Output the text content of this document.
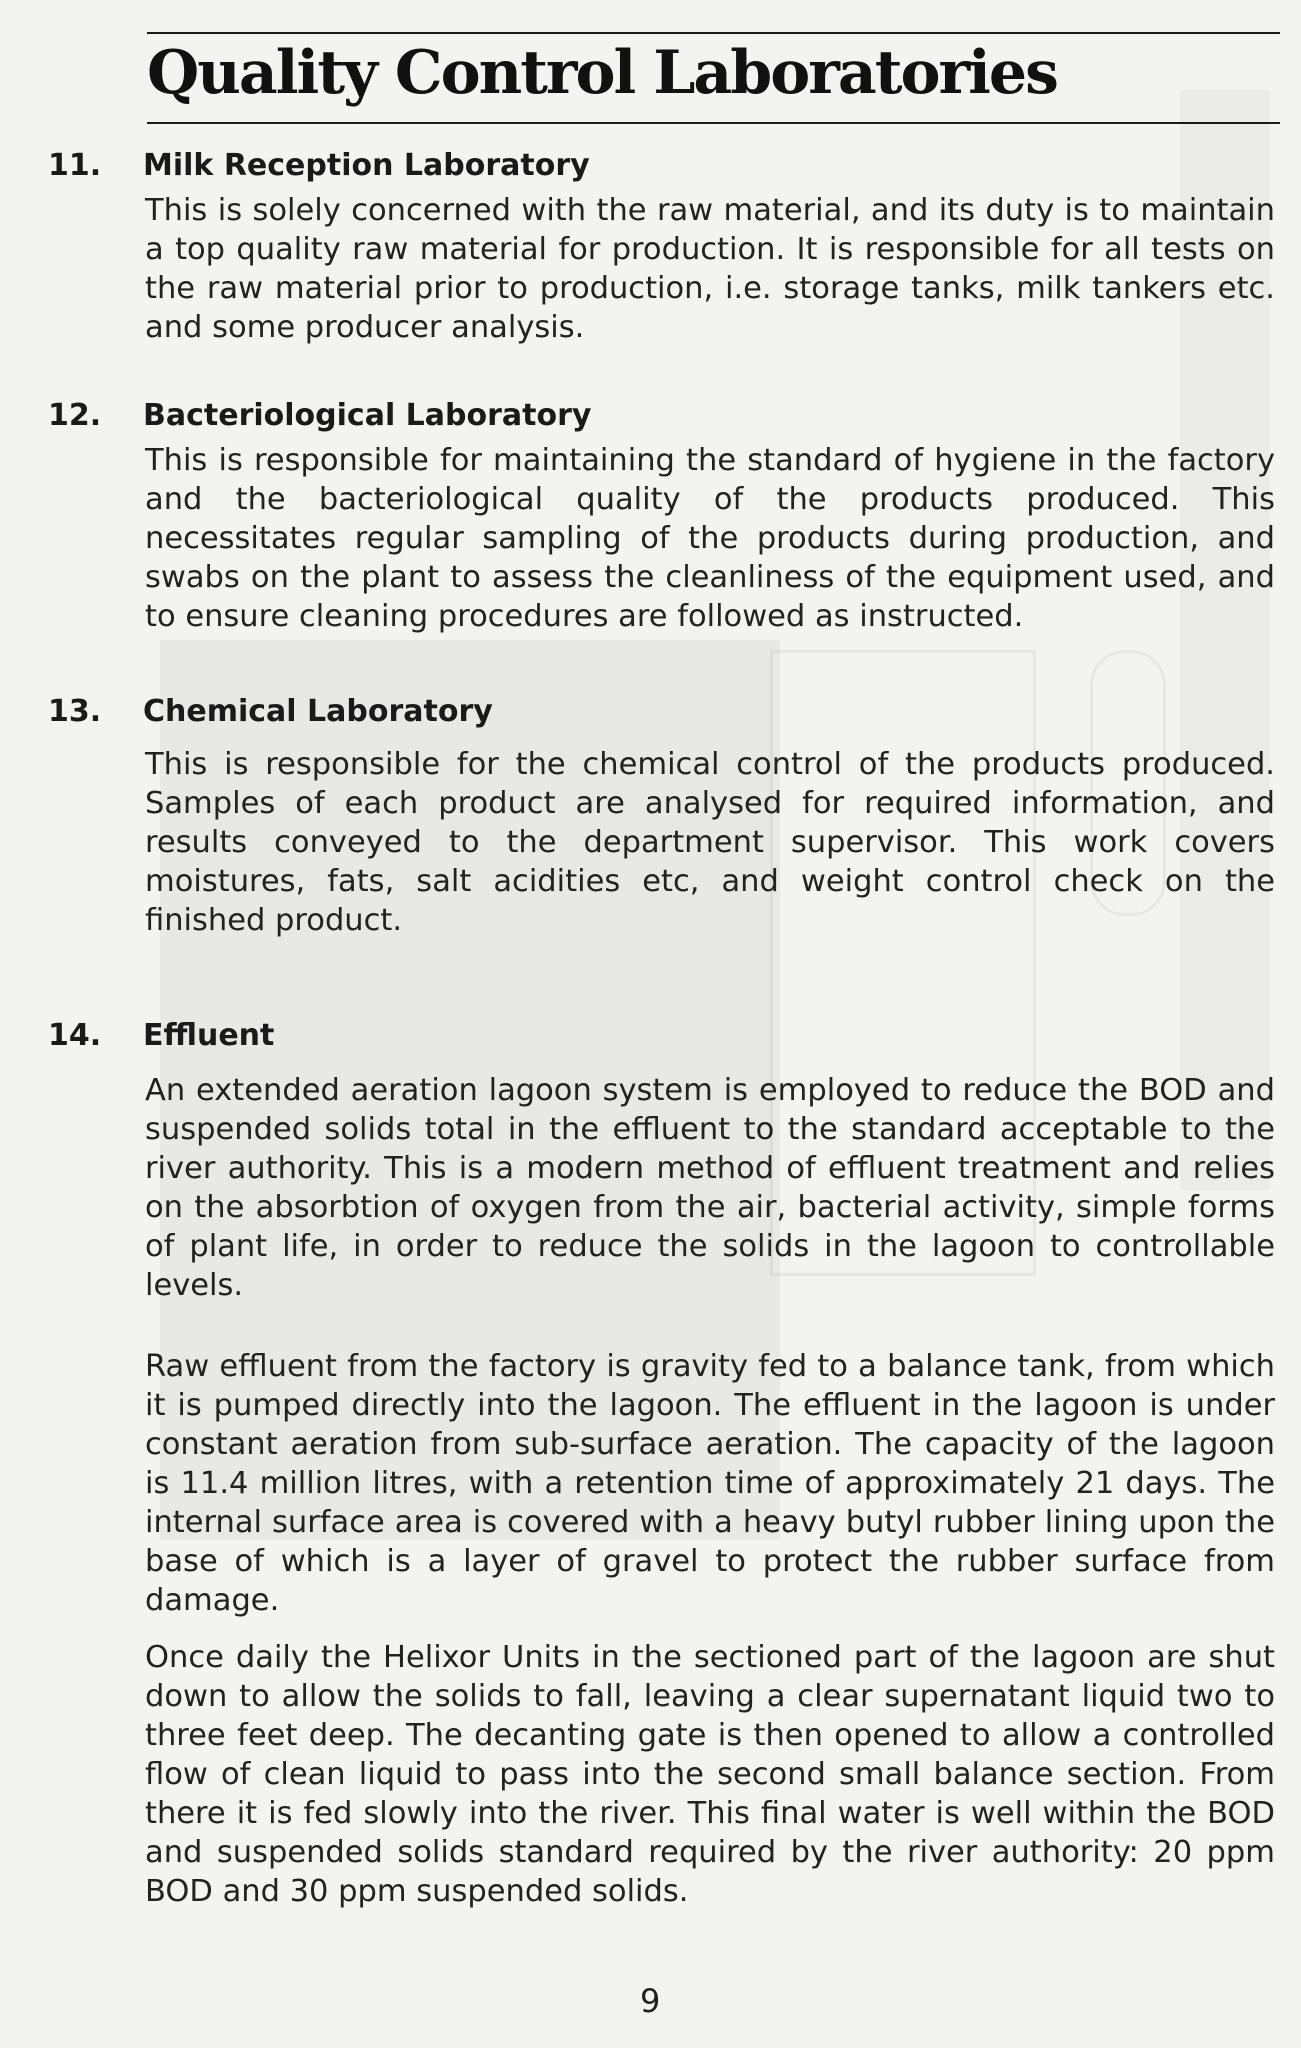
Quality Control Laboratories
11.	Milk Reception Laboratory

This is solely concerned with the raw material, and its duty is to maintain a top quality raw material for production. It is responsible for all tests on the raw material prior to production, i.e. storage tanks, milk tankers etc. and some producer analysis.

12.	Bacteriological Laboratory

This is responsible for maintaining the standard of hygiene in the factory and the bacteriological quality of the products produced. This necessitates regular sampling of the products during production, and swabs on the plant to assess the cleanliness of the equipment used, and to ensure cleaning procedures are followed as instructed.

13.	Chemical Laboratory

This is responsible for the chemical control of the products produced. Samples of each product are analysed for required information, and results conveyed to the department supervisor. This work covers moistures, fats, salt acidities etc, and weight control check on the finished product.

14.	Effluent

An extended aeration lagoon system is employed to reduce the BOD and suspended solids total in the effluent to the standard acceptable to the river authority. This is a modern method of effluent treatment and relies on the absorbtion of oxygen from the air, bacterial activity, simple forms of plant life, in order to reduce the solids in the lagoon to controllable levels.

Raw effluent from the factory is gravity fed to a balance tank, from which it is pumped directly into the lagoon. The effluent in the lagoon is under constant aeration from sub-surface aeration. The capacity of the lagoon is 11.4 million litres, with a retention time of approximately 21 days. The internal surface area is covered with a heavy butyl rubber lining upon the base of which is a layer of gravel to protect the rubber surface from damage.

Once daily the Helixor Units in the sectioned part of the lagoon are shut down to allow the solids to fall, leaving a clear supernatant liquid two to three feet deep. The decanting gate is then opened to allow a controlled flow of clean liquid to pass into the second small balance section. From there it is fed slowly into the river. This final water is well within the BOD and suspended solids standard required by the river authority: 20 ppm BOD and 30 ppm suspended solids.

9
